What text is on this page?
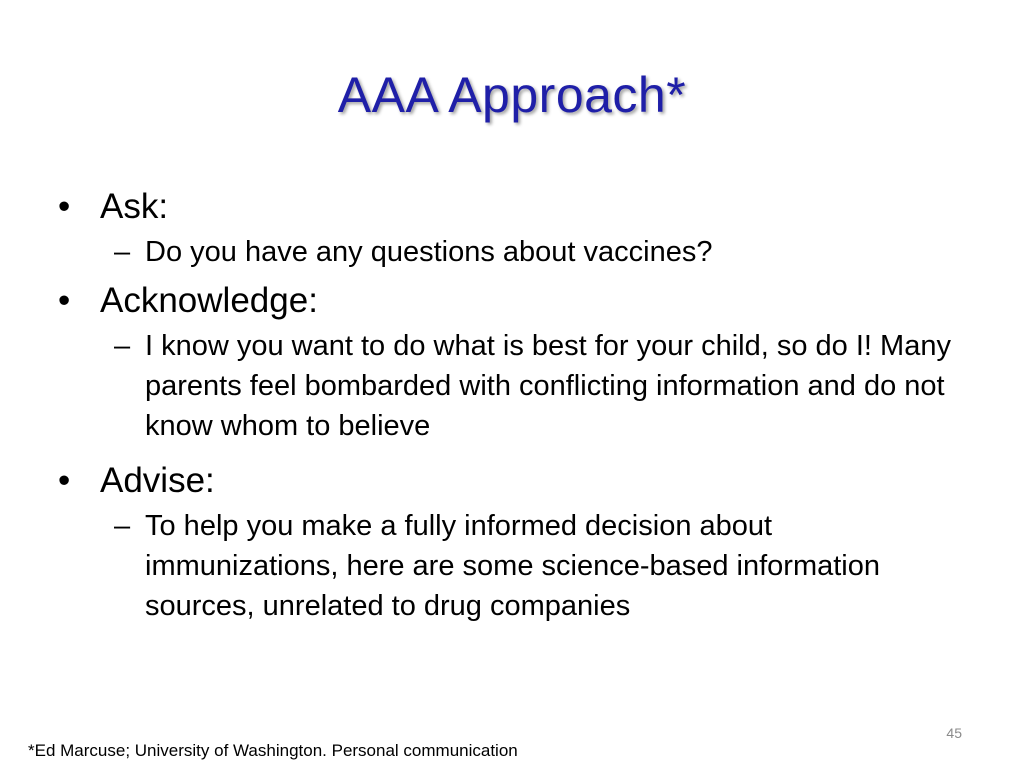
AAA Approach*
• Ask:
– Do you have any questions about vaccines?
• Acknowledge:
– I know you want to do what is best for your child, so do I! Many parents feel bombarded with conflicting information and do not know whom to believe
• Advise:
– To help you make a fully informed decision about immunizations, here are some science-based information sources, unrelated to drug companies
45
*Ed Marcuse; University of Washington. Personal communication
